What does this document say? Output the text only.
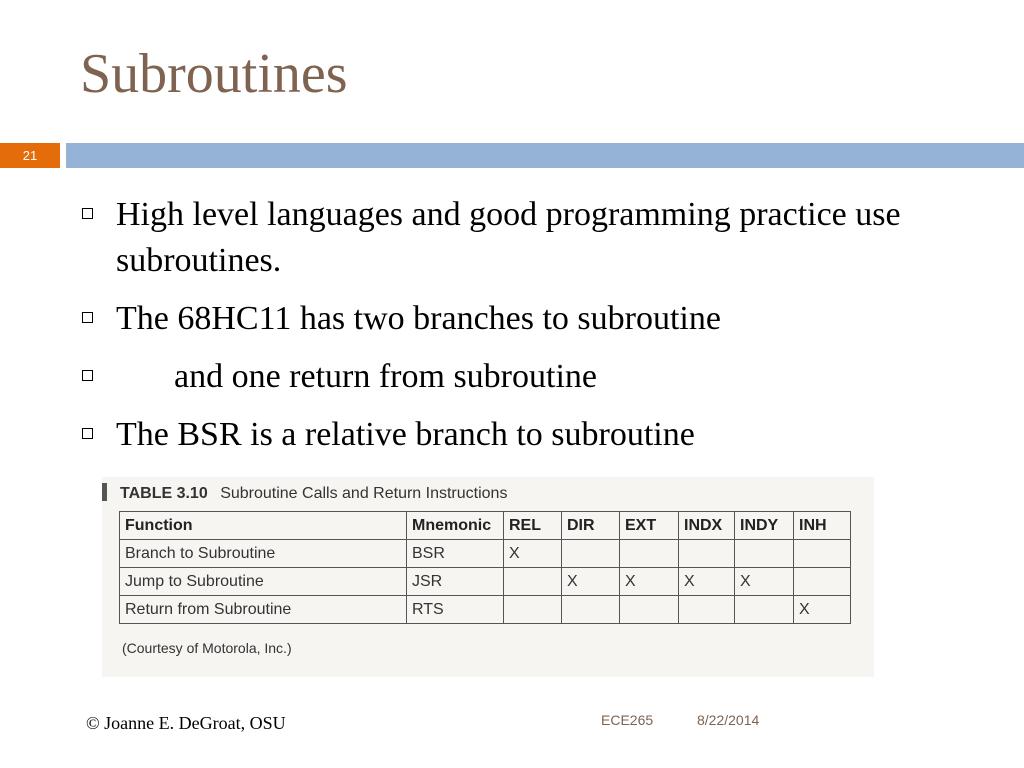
Subroutines
21
High level languages and good programming practice use subroutines.
The 68HC11 has two branches to subroutine
and one return from subroutine
The BSR is a relative branch to subroutine
TABLE 3.10 Subroutine Calls and Return Instructions
Function	Mnemonic	REL	DIR	EXT	INDX	INDY	INH
Branch to Subroutine	BSR	X					
Jump to Subroutine	JSR		X	X	X	X	
Return from Subroutine	RTS						X
(Courtesy of Motorola, Inc.)
© Joanne E. DeGroat, OSU	ECE265	8/22/2014
